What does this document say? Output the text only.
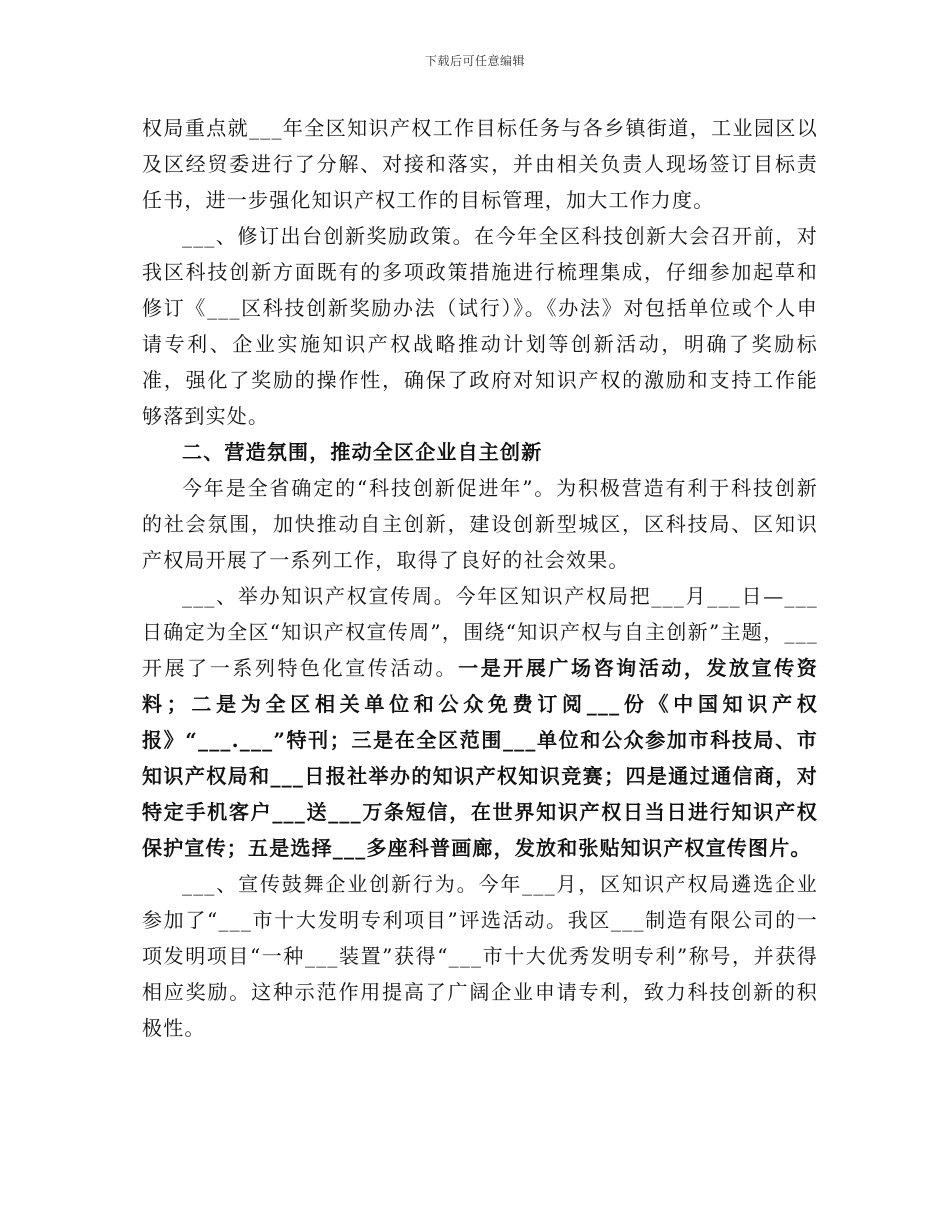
下载后可任意编辑

权局重点就___年全区知识产权工作目标任务与各乡镇街道，工业园区以及区经贸委进行了分解、对接和落实，并由相关负责人现场签订目标责任书，进一步强化知识产权工作的目标管理，加大工作力度。

___、修订出台创新奖励政策。在今年全区科技创新大会召开前，对我区科技创新方面既有的多项政策措施进行梳理集成，仔细参加起草和修订《___区科技创新奖励办法（试行）》。《办法》对包括单位或个人申请专利、企业实施知识产权战略推动计划等创新活动，明确了奖励标准，强化了奖励的操作性，确保了政府对知识产权的激励和支持工作能够落到实处。

二、营造氛围，推动全区企业自主创新

今年是全省确定的“科技创新促进年”。为积极营造有利于科技创新的社会氛围，加快推动自主创新，建设创新型城区，区科技局、区知识产权局开展了一系列工作，取得了良好的社会效果。

___、举办知识产权宣传周。今年区知识产权局把___月___日—___日确定为全区“知识产权宣传周”，围绕“知识产权与自主创新”主题，___开展了一系列特色化宣传活动。一是开展广场咨询活动，发放宣传资料；二是为全区相关单位和公众免费订阅___份《中国知识产权报》“___.___”特刊；三是在全区范围___单位和公众参加市科技局、市知识产权局和___日报社举办的知识产权知识竞赛；四是通过通信商，对特定手机客户___送___万条短信，在世界知识产权日当日进行知识产权保护宣传；五是选择___多座科普画廊，发放和张贴知识产权宣传图片。

___、宣传鼓舞企业创新行为。今年___月，区知识产权局遴选企业参加了“___市十大发明专利项目”评选活动。我区___制造有限公司的一项发明项目“一种___装置”获得“___市十大优秀发明专利”称号，并获得相应奖励。这种示范作用提高了广阔企业申请专利，致力科技创新的积极性。
